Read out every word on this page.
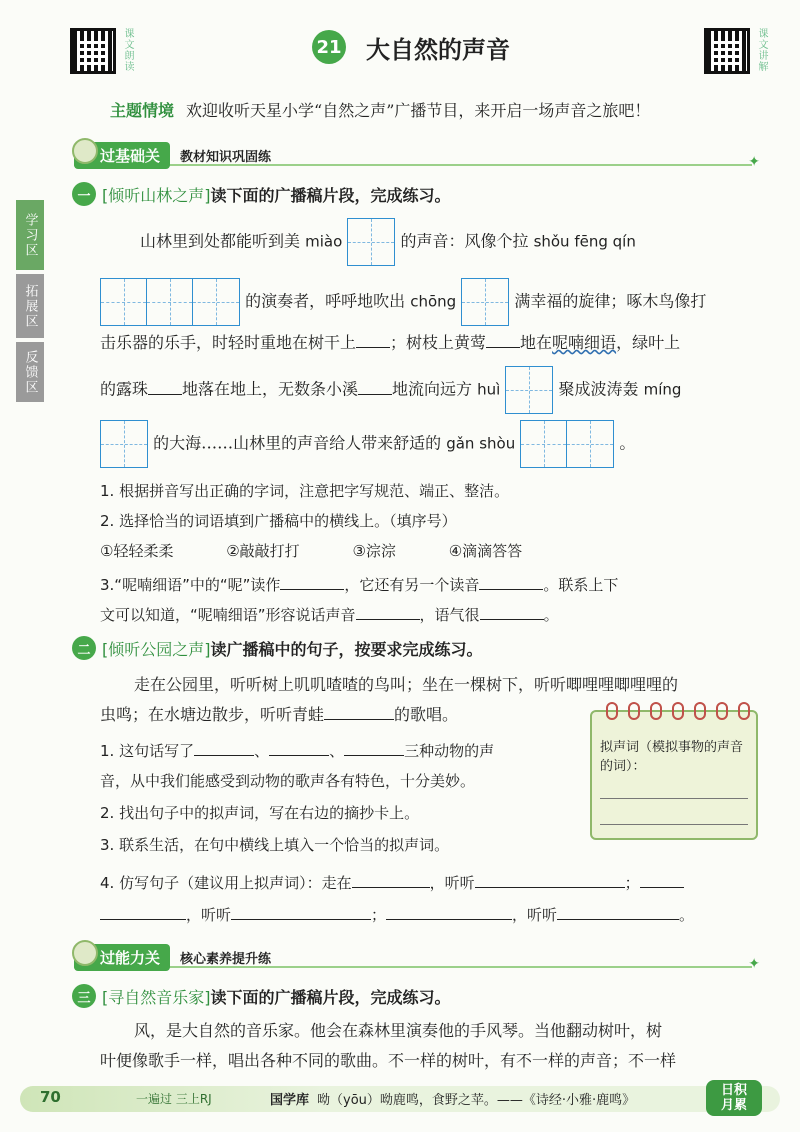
课文朗读	21 大自然的声音	课文讲解
主题情境 欢迎收听天星小学“自然之声”广播节目，来开启一场声音之旅吧！
学习区
拓展区
反馈区
✦
过基础关	教材知识巩固练
一 [倾听山林之声] 读下面的广播稿片段，完成练习。
山林里到处都能听到美 miào	的声音：风像个拉 shǒu fēng qín
的演奏者，呼呼地吹出 chōng	满幸福的旋律；啄木鸟像打
击乐器的乐手，时轻时重地在树干上 ；树枝上黄莺 地在呢喃细语，绿叶上
的露珠 地落在地上，无数条小溪 地流向远方 huì	聚成波涛轰 míng
的大海……山林里的声音给人带来舒适的 gǎn shòu	。
1. 根据拼音写出正确的字词，注意把字写规范、端正、整洁。
2. 选择恰当的词语填到广播稿中的横线上。（填序号）
①轻轻柔柔	②敲敲打打	③淙淙	④滴滴答答
3.“呢喃细语”中的“呢”读作	，它还有另一个读音	。联系上下
文可以知道，“呢喃细语”形容说话声音	，语气很	。
二 [倾听公园之声] 读广播稿中的句子，按要求完成练习。
走在公园里，听听树上叽叽喳喳的鸟叫；坐在一棵树下，听听唧哩哩唧哩哩的
虫鸣；在水塘边散步，听听青蛙	的歌唱。
1. 这句话写了	、	、	三种动物的声
音，从中我们能感受到动物的歌声各有特色，十分美妙。
2. 找出句子中的拟声词，写在右边的摘抄卡上。
3. 联系生活，在句中横线上填入一个恰当的拟声词。
4. 仿写句子（建议用上拟声词）：走在	，听听	；
，听听	；	，听听	。
拟声词（模拟事物的声音的词）：
✦
过能力关	核心素养提升练
三 [寻自然音乐家] 读下面的广播稿片段，完成练习。
风，是大自然的音乐家。他会在森林里演奏他的手风琴。当他翻动树叶，树
叶便像歌手一样，唱出各种不同的歌曲。不一样的树叶，有不一样的声音；不一样
70	一遍过 三上RJ	国学库 呦（yōu）呦鹿鸣，食野之苹。——《诗经·小雅·鹿鸣》
日积
月累
